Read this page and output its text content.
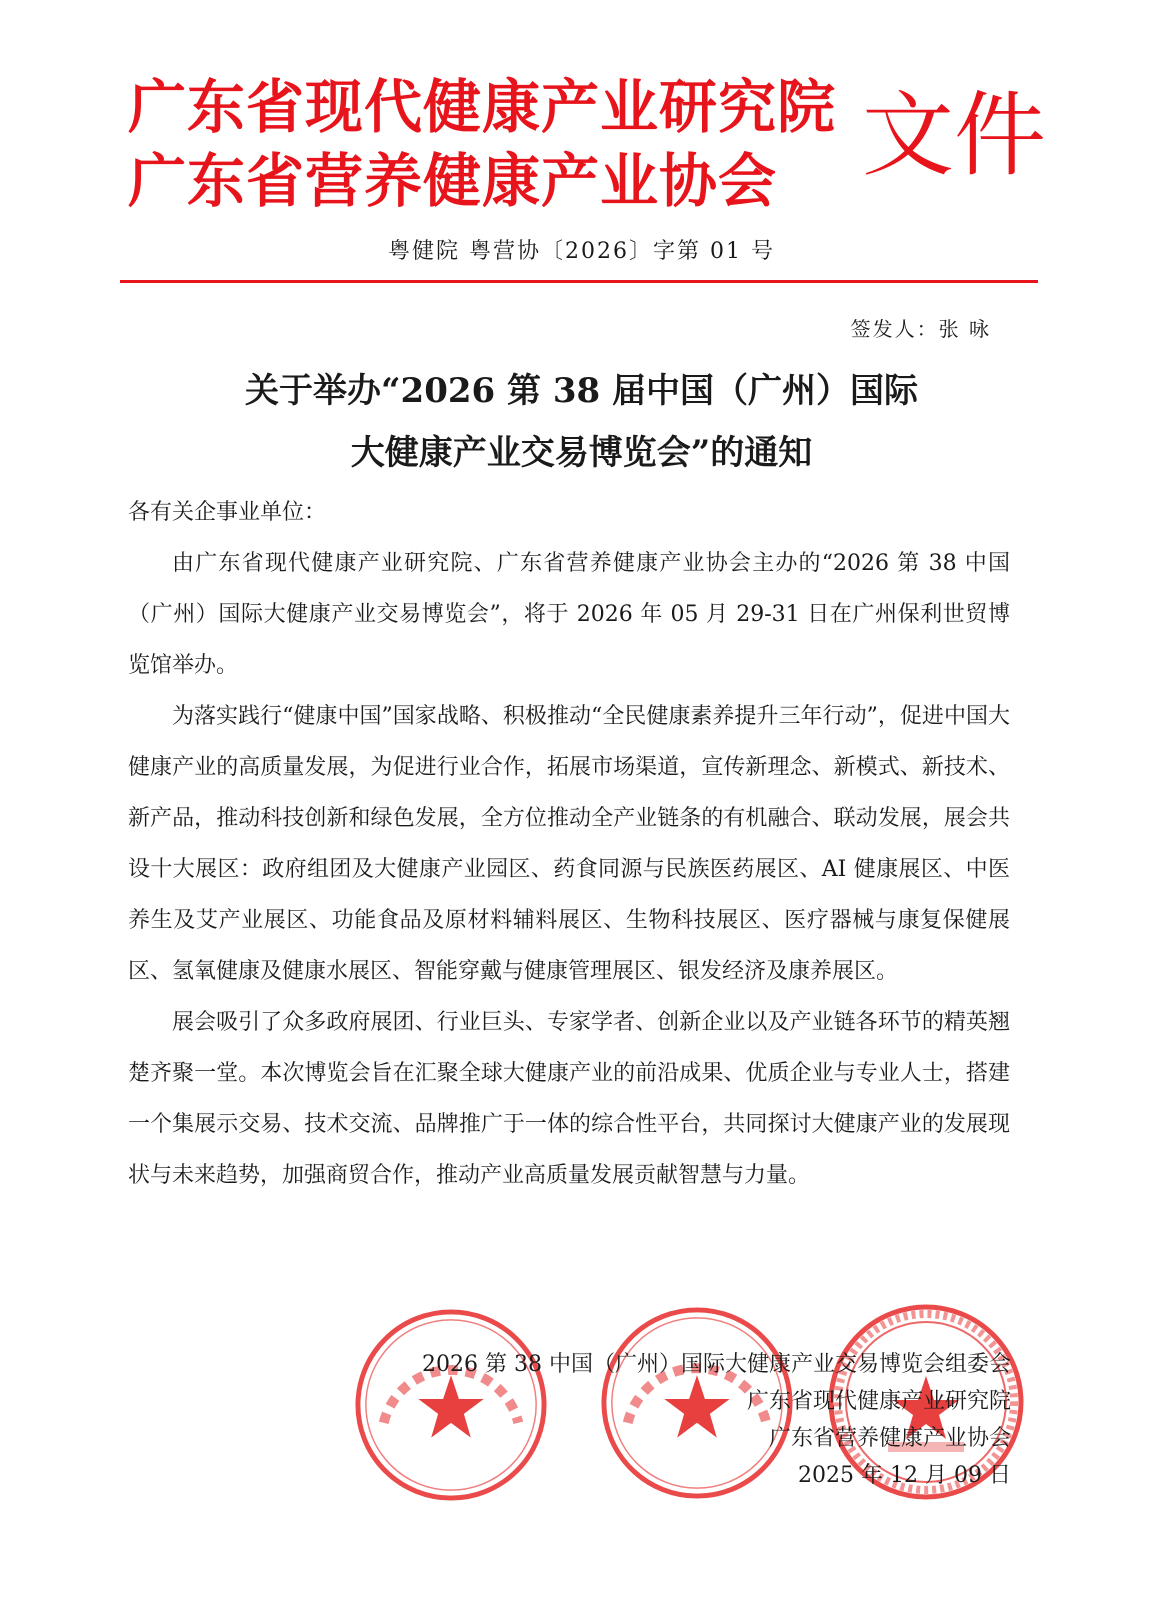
广东省现代健康产业研究院
广东省营养健康产业协会 文件
粤健院 粤营协〔2026〕字第 01 号
签发人：张 咏
关于举办“2026 第 38 届中国（广州）国际
大健康产业交易博览会”的通知

各有关企事业单位：

由广东省现代健康产业研究院、广东省营养健康产业协会主办的“2026 第 38 中国（广州）国际大健康产业交易博览会”，将于 2026 年 05 月 29-31 日在广州保利世贸博览馆举办。

为落实践行“健康中国”国家战略、积极推动“全民健康素养提升三年行动”，促进中国大健康产业的高质量发展，为促进行业合作，拓展市场渠道，宣传新理念、新模式、新技术、新产品，推动科技创新和绿色发展，全方位推动全产业链条的有机融合、联动发展，展会共设十大展区：政府组团及大健康产业园区、药食同源与民族医药展区、AI 健康展区、中医养生及艾产业展区、功能食品及原材料辅料展区、生物科技展区、医疗器械与康复保健展区、氢氧健康及健康水展区、智能穿戴与健康管理展区、银发经济及康养展区。

展会吸引了众多政府展团、行业巨头、专家学者、创新企业以及产业链各环节的精英翘楚齐聚一堂。本次博览会旨在汇聚全球大健康产业的前沿成果、优质企业与专业人士，搭建一个集展示交易、技术交流、品牌推广于一体的综合性平台，共同探讨大健康产业的发展现状与未来趋势，加强商贸合作，推动产业高质量发展贡献智慧与力量。

2026 第 38 中国（广州）国际大健康产业交易博览会组委会
广东省现代健康产业研究院
广东省营养健康产业协会
2025 年 12 月 09 日
